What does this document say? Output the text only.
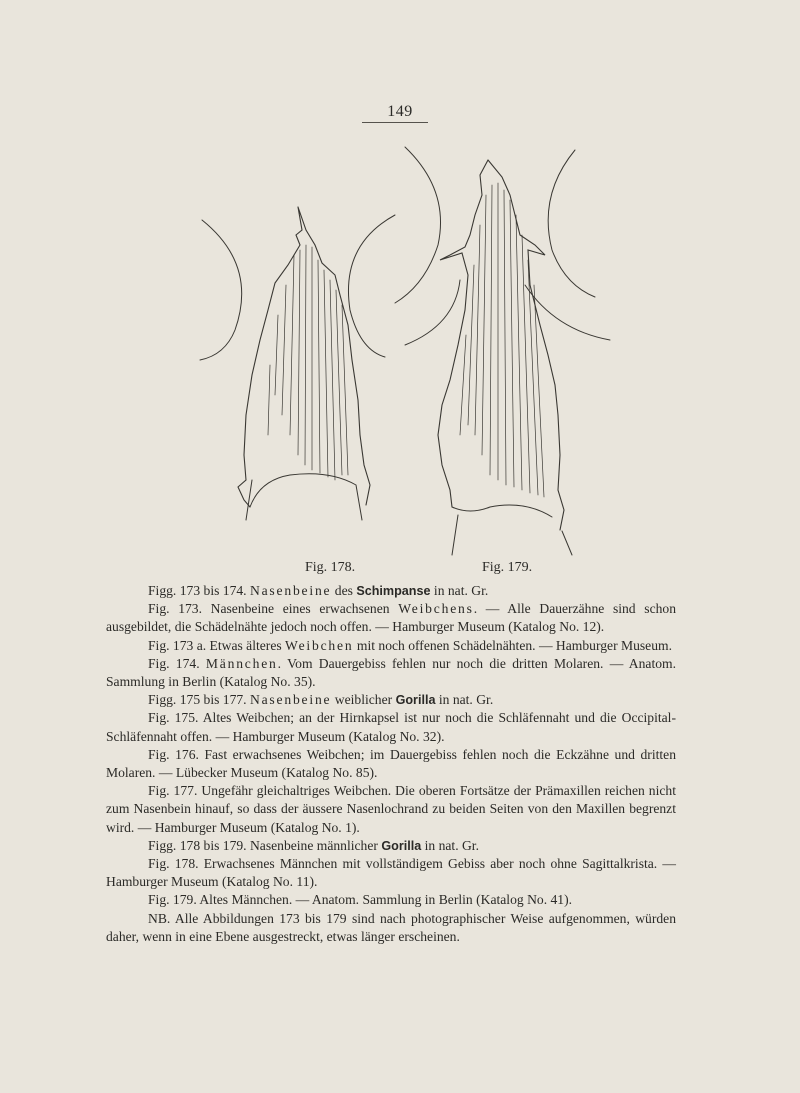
149
Fig. 178.	Fig. 179.

Figg. 173 bis 174. Nasenbeine des Schimpanse in nat. Gr.

Fig. 173. Nasenbeine eines erwachsenen Weibchens. — Alle Dauerzähne sind schon ausgebildet, die Schädelnähte jedoch noch offen. — Hamburger Museum (Katalog No. 12).

Fig. 173 a. Etwas älteres Weibchen mit noch offenen Schädelnähten. — Hamburger Museum.

Fig. 174. Männchen. Vom Dauergebiss fehlen nur noch die dritten Molaren. — Anatom. Sammlung in Berlin (Katalog No. 35).

Figg. 175 bis 177. Nasenbeine weiblicher Gorilla in nat. Gr.

Fig. 175. Altes Weibchen; an der Hirnkapsel ist nur noch die Schläfennaht und die Occipital-Schläfennaht offen. — Hamburger Museum (Katalog No. 32).

Fig. 176. Fast erwachsenes Weibchen; im Dauergebiss fehlen noch die Eckzähne und dritten Molaren. — Lübecker Museum (Katalog No. 85).

Fig. 177. Ungefähr gleichaltriges Weibchen. Die oberen Fortsätze der Prämaxillen reichen nicht zum Nasenbein hinauf, so dass der äussere Nasenlochrand zu beiden Seiten von den Maxillen begrenzt wird. — Hamburger Museum (Katalog No. 1).

Figg. 178 bis 179. Nasenbeine männlicher Gorilla in nat. Gr.

Fig. 178. Erwachsenes Männchen mit vollständigem Gebiss aber noch ohne Sagittalkrista. — Hamburger Museum (Katalog No. 11).

Fig. 179. Altes Männchen. — Anatom. Sammlung in Berlin (Katalog No. 41).

NB. Alle Abbildungen 173 bis 179 sind nach photographischer Weise aufgenommen, würden daher, wenn in eine Ebene ausgestreckt, etwas länger erscheinen.
